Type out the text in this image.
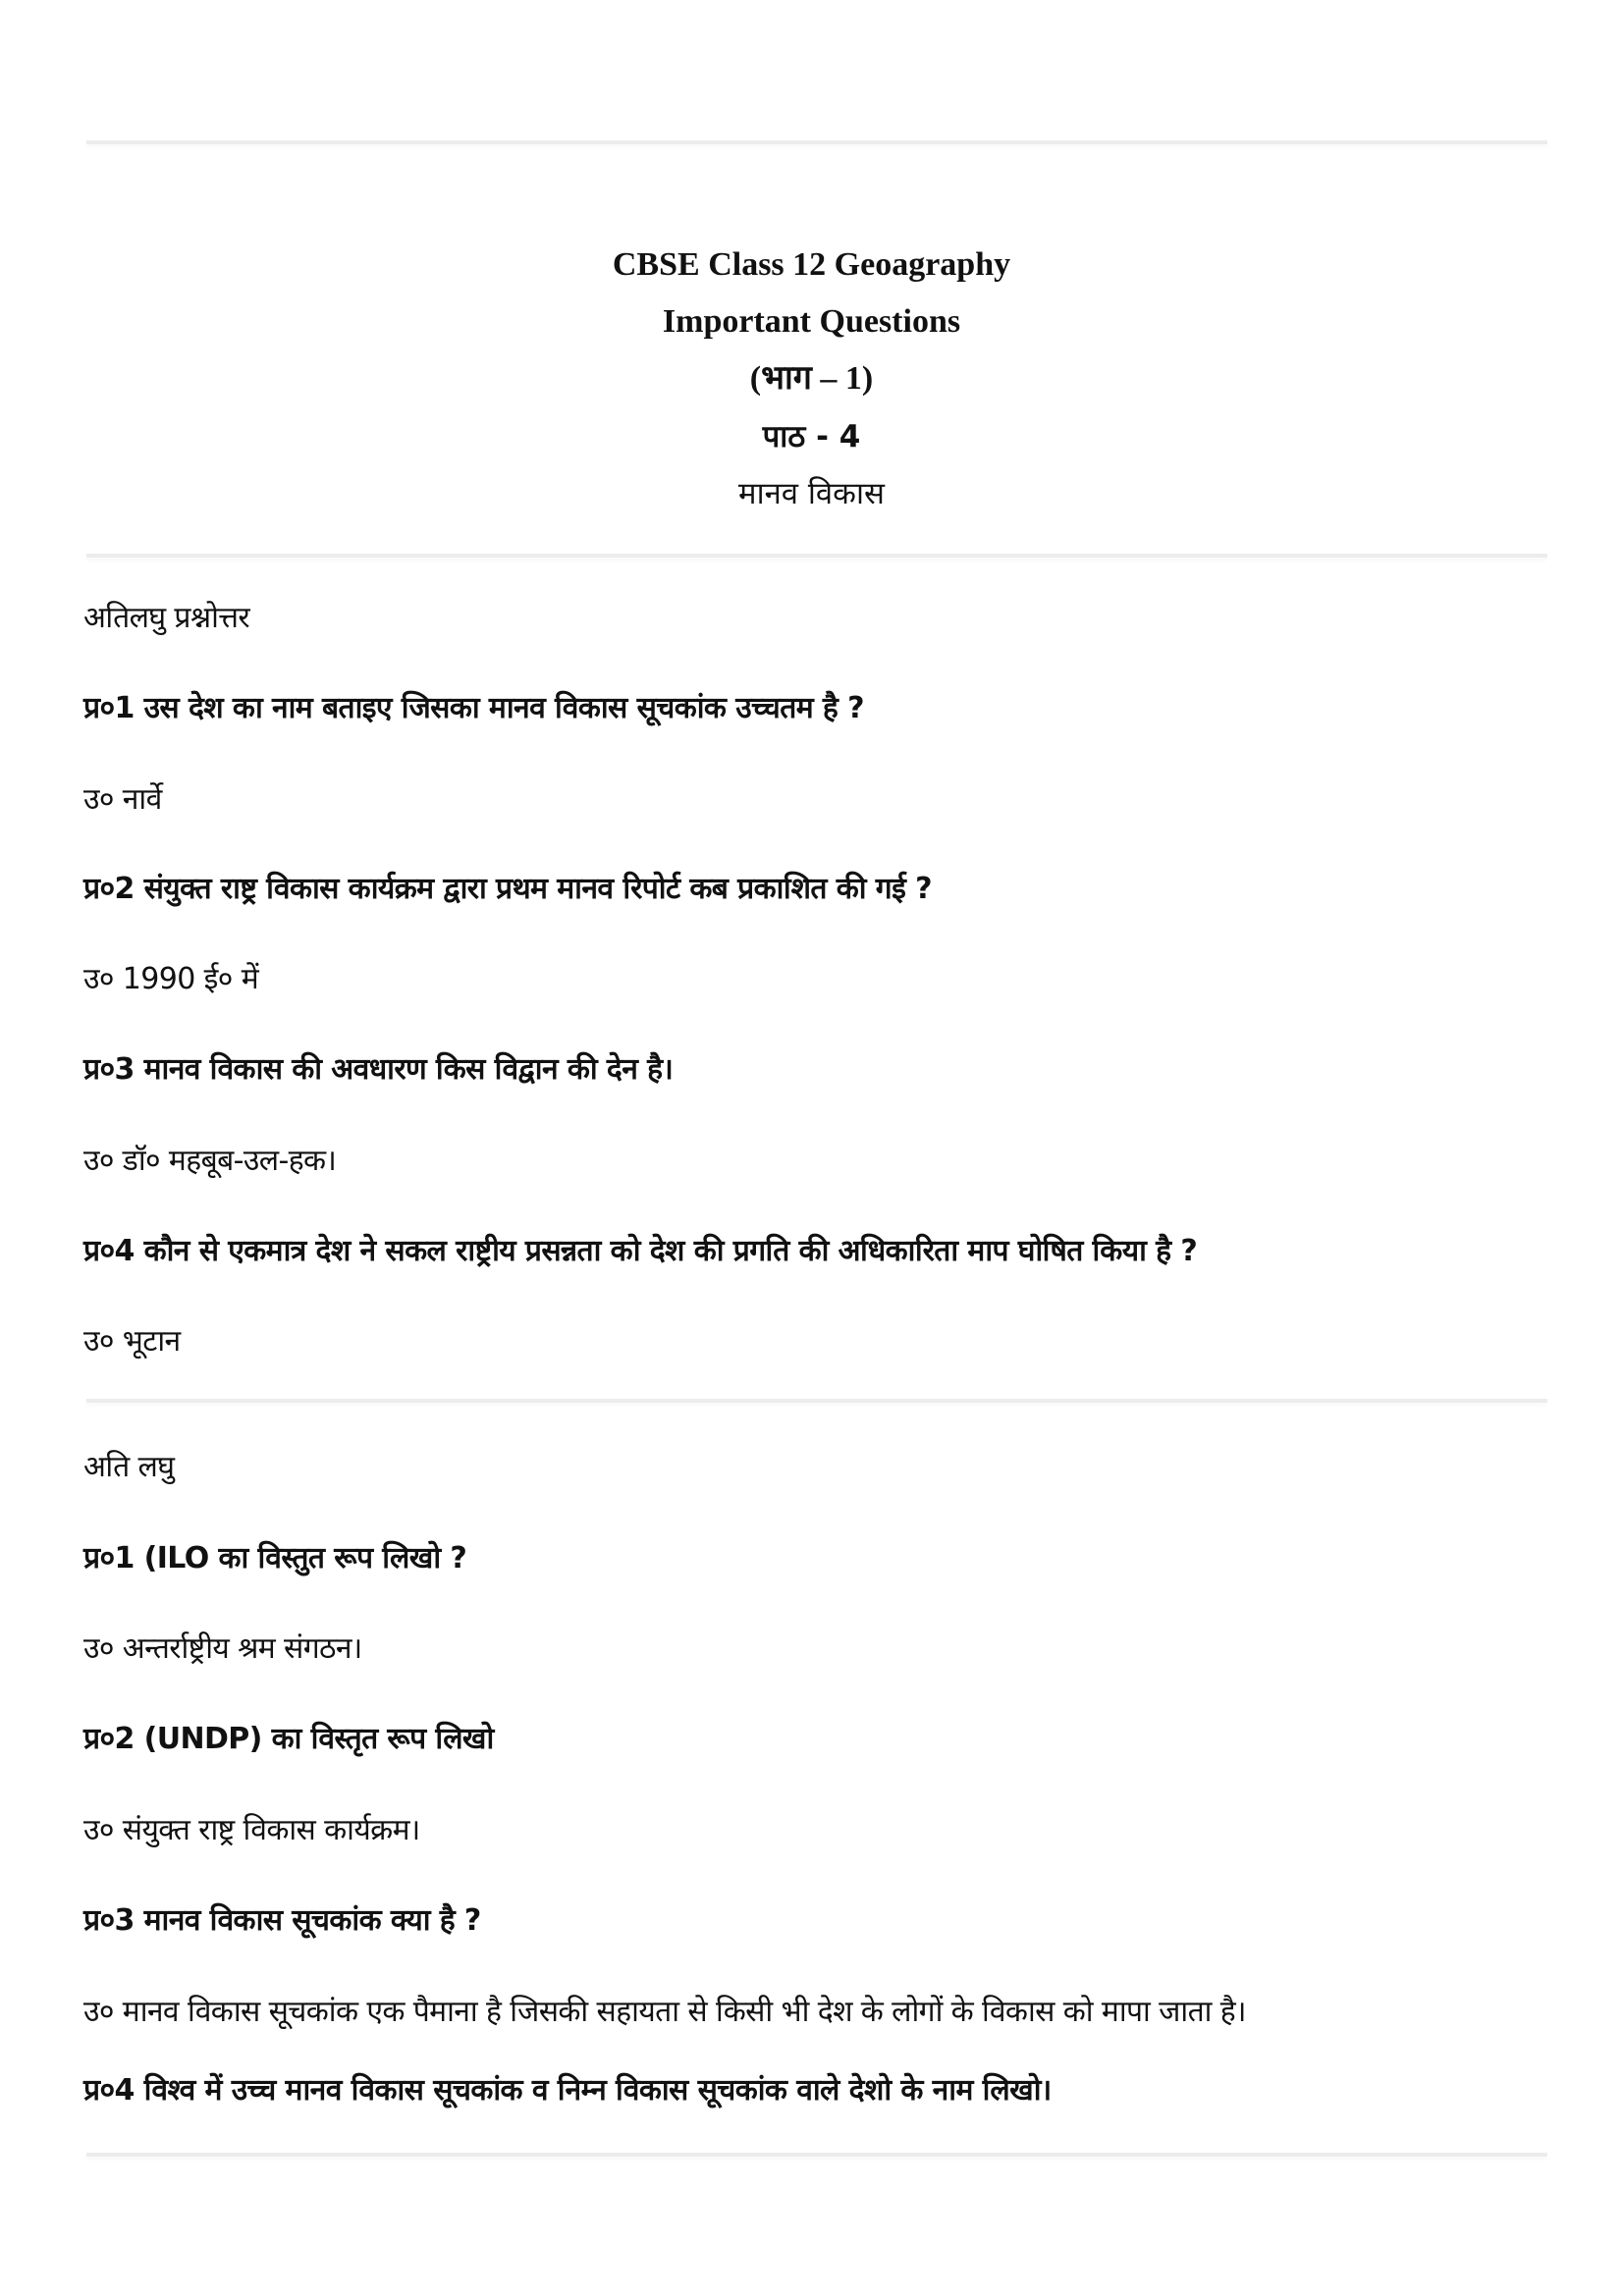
CBSE Class 12 Geoagraphy
Important Questions
(भाग – 1)
पाठ - 4
मानव विकास
अतिलघु प्रश्नोत्तर
प्र०1 उस देश का नाम बताइए जिसका मानव विकास सूचकांक उच्चतम है ?
उ० नार्वे
प्र०2 संयुक्त राष्ट्र विकास कार्यक्रम द्वारा प्रथम मानव रिपोर्ट कब प्रकाशित की गई ?
उ० 1990 ई० में
प्र०3 मानव विकास की अवधारण किस विद्वान की देन है।
उ० डॉ० महबूब-उल-हक।
प्र०4 कौन से एकमात्र देश ने सकल राष्ट्रीय प्रसन्नता को देश की प्रगति की अधिकारिता माप घोषित किया है ?
उ० भूटान
अति लघु
प्र०1 (ILO का विस्तुत रूप लिखो ?
उ० अन्तर्राष्ट्रीय श्रम संगठन।
प्र०2 (UNDP) का विस्तृत रूप लिखो
उ० संयुक्त राष्ट्र विकास कार्यक्रम।
प्र०3 मानव विकास सूचकांक क्या है ?
उ० मानव विकास सूचकांक एक पैमाना है जिसकी सहायता से किसी भी देश के लोगों के विकास को मापा जाता है।
प्र०4 विश्व में उच्च मानव विकास सूचकांक व निम्न विकास सूचकांक वाले देशो के नाम लिखो।
